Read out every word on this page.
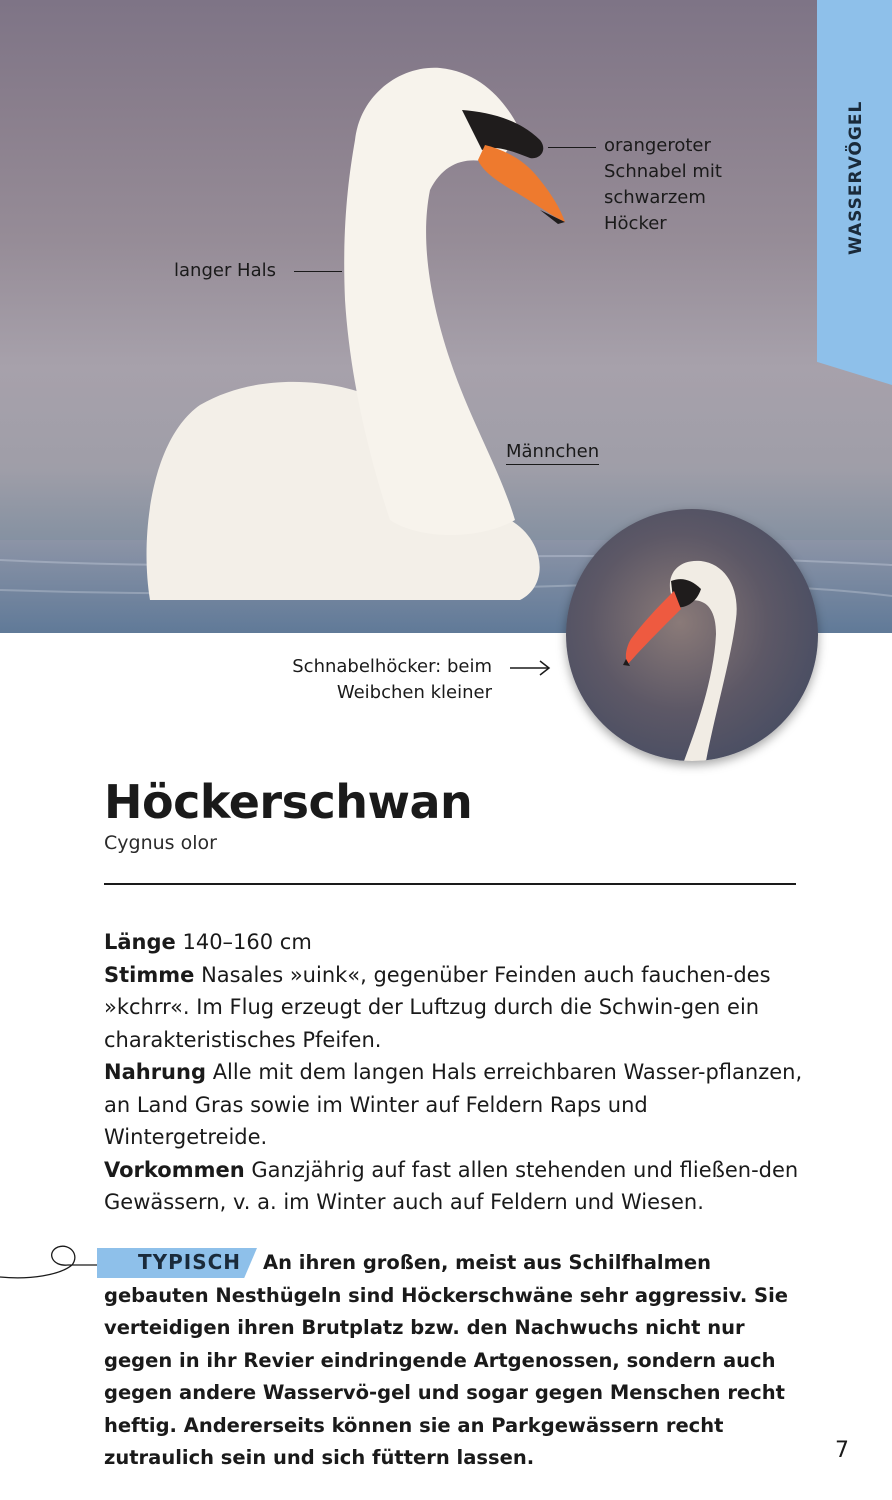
WASSERVÖGEL
orangeroter
Schnabel mit
schwarzem
Höcker
langer Hals
Männchen
Schnabelhöcker: beim
Weibchen kleiner
Höckerschwan
Cygnus olor
Länge 140–160 cm
Stimme Nasales »uink«, gegenüber Feinden auch fauchen-des »kchrr«. Im Flug erzeugt der Luftzug durch die Schwin-gen ein charakteristisches Pfeifen.
Nahrung Alle mit dem langen Hals erreichbaren Wasser-pflanzen, an Land Gras sowie im Winter auf Feldern Raps und Wintergetreide.
Vorkommen Ganzjährig auf fast allen stehenden und fließen-den Gewässern, v. a. im Winter auch auf Feldern und Wiesen.
TYPISCH	An ihren großen, meist aus Schilfhalmen gebauten Nesthügeln sind Höckerschwäne sehr aggressiv. Sie verteidigen ihren Brutplatz bzw. den Nachwuchs nicht nur gegen in ihr Revier eindringende Artgenossen, sondern auch gegen andere Wasservö-gel und sogar gegen Menschen recht heftig. Andererseits können sie an Parkgewässern recht zutraulich sein und sich füttern lassen.	7
